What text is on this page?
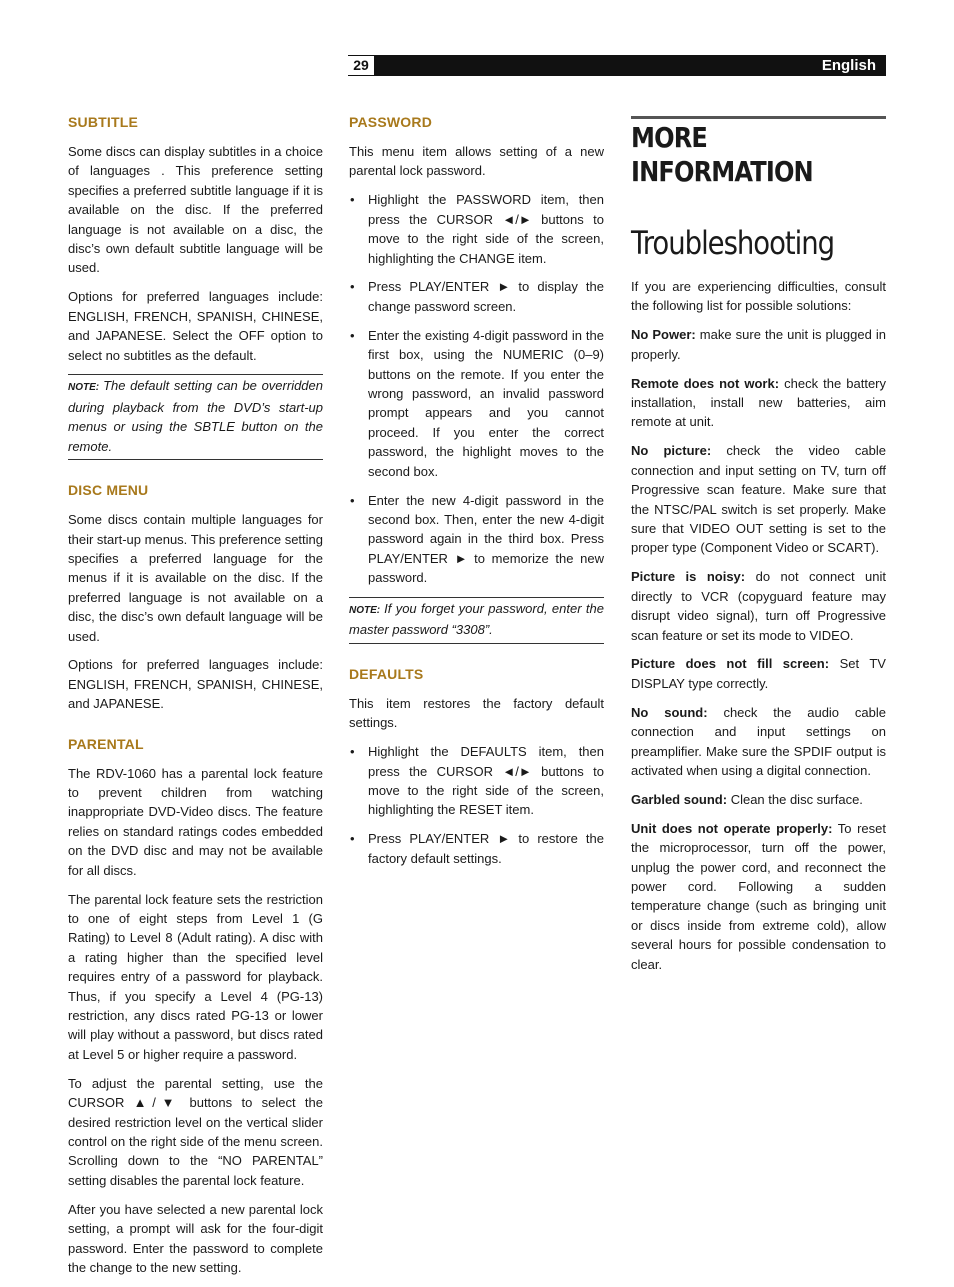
29	English
SUBTITLE

Some discs can display subtitles in a choice of languages . This preference setting specifies a preferred subtitle language if it is available on the disc. If the preferred language is not available on a disc, the disc’s own default subtitle language will be used.

Options for preferred languages include: ENGLISH, FRENCH, SPANISH, CHINESE, and JAPANESE. Select the OFF option to select no subtitles as the default.

NOTE: The default setting can be overridden during playback from the DVD’s start-up menus or using the SBTLE button on the remote.
DISC MENU

Some discs contain multiple languages for their start-up menus. This preference setting specifies a preferred language for the menus if it is available on the disc. If the preferred language is not available on a disc, the disc’s own default language will be used.

Options for preferred languages include: ENGLISH, FRENCH, SPANISH, CHINESE, and JAPANESE.

PARENTAL

The RDV-1060 has a parental lock feature to prevent children from watching inappropriate DVD-Video discs. The feature relies on standard ratings codes embedded on the DVD disc and may not be available for all discs.

The parental lock feature sets the restriction to one of eight steps from Level 1 (G Rating) to Level 8 (Adult rating). A disc with a rating higher than the specified level requires entry of a password for playback. Thus, if you specify a Level 4 (PG-13) restriction, any discs rated PG-13 or lower will play without a password, but discs rated at Level 5 or higher require a password.

To adjust the parental setting, use the CURSOR ▲/▼ buttons to select the desired restriction level on the vertical slider control on the right side of the menu screen. Scrolling down to the “NO PARENTAL” setting disables the parental lock feature.

After you have selected a new parental lock setting, a prompt will ask for the four-digit password. Enter the password to complete the change to the new setting.

PASSWORD

This menu item allows setting of a new parental lock password.

• Highlight the PASSWORD item, then press the CURSOR ◄/► buttons to move to the right side of the screen, highlighting the CHANGE item.
• Press PLAY/ENTER ► to display the change password screen.
• Enter the existing 4-digit password in the first box, using the NUMERIC (0–9) buttons on the remote. If you enter the wrong password, an invalid password prompt appears and you cannot proceed. If you enter the correct password, the highlight moves to the second box.
• Enter the new 4-digit password in the second box. Then, enter the new 4-digit password again in the third box. Press PLAY/ENTER ► to memorize the new password.
NOTE: If you forget your password, enter the master password “3308”.
DEFAULTS

This item restores the factory default settings.

• Highlight the DEFAULTS item, then press the CURSOR ◄/► buttons to move to the right side of the screen, highlighting the RESET item.
• Press PLAY/ENTER ► to restore the factory default settings.
MORE INFORMATION
Troubleshooting

If you are experiencing difficulties, consult the following list for possible solutions:

No Power: make sure the unit is plugged in properly.

Remote does not work: check the battery installation, install new batteries, aim remote at unit.

No picture: check the video cable connection and input setting on TV, turn off Progressive scan feature. Make sure that the NTSC/PAL switch is set properly. Make sure that VIDEO OUT setting is set to the proper type (Component Video or SCART).

Picture is noisy: do not connect unit directly to VCR (copyguard feature may disrupt video signal), turn off Progressive scan feature or set its mode to VIDEO.

Picture does not fill screen: Set TV DISPLAY type correctly.

No sound: check the audio cable connection and input settings on preamplifier. Make sure the SPDIF output is activated when using a digital connection.

Garbled sound: Clean the disc surface.

Unit does not operate properly: To reset the microprocessor, turn off the power, unplug the power cord, and reconnect the power cord. Following a sudden temperature change (such as bringing unit or discs inside from extreme cold), allow several hours for possible condensation to clear.
